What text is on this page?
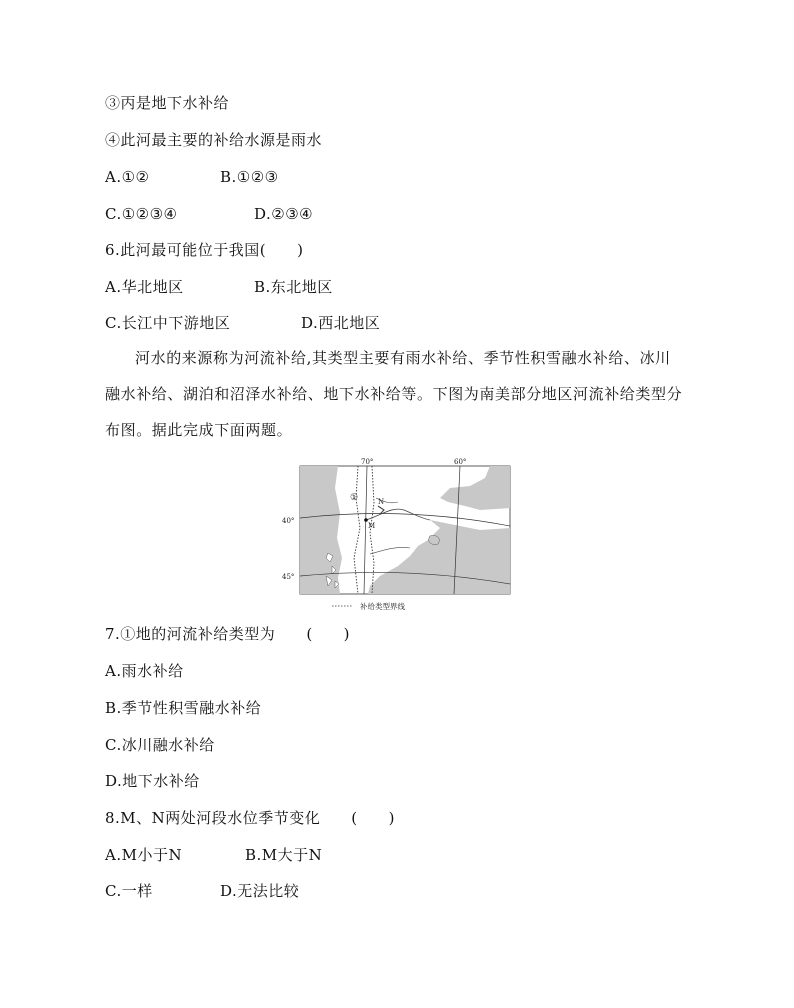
③丙是地下水补给
④此河最主要的补给水源是雨水
A.①②	B.①②③
C.①②③④	D.②③④
6.此河最可能位于我国(　　)
A.华北地区	B.东北地区
C.长江中下游地区	D.西北地区
河水的来源称为河流补给,其类型主要有雨水补给、季节性积雪融水补给、冰川融水补给、湖泊和沼泽水补给、地下水补给等。下图为南美部分地区河流补给类型分布图。据此完成下面两题。
70°	60°
40°
45°
①
M
N
补给类型界线
7.①地的河流补给类型为　　(　　)
A.雨水补给
B.季节性积雪融水补给
C.冰川融水补给
D.地下水补给
8.M、N两处河段水位季节变化　　(　　)
A.M小于N	B.M大于N
C.一样	D.无法比较
